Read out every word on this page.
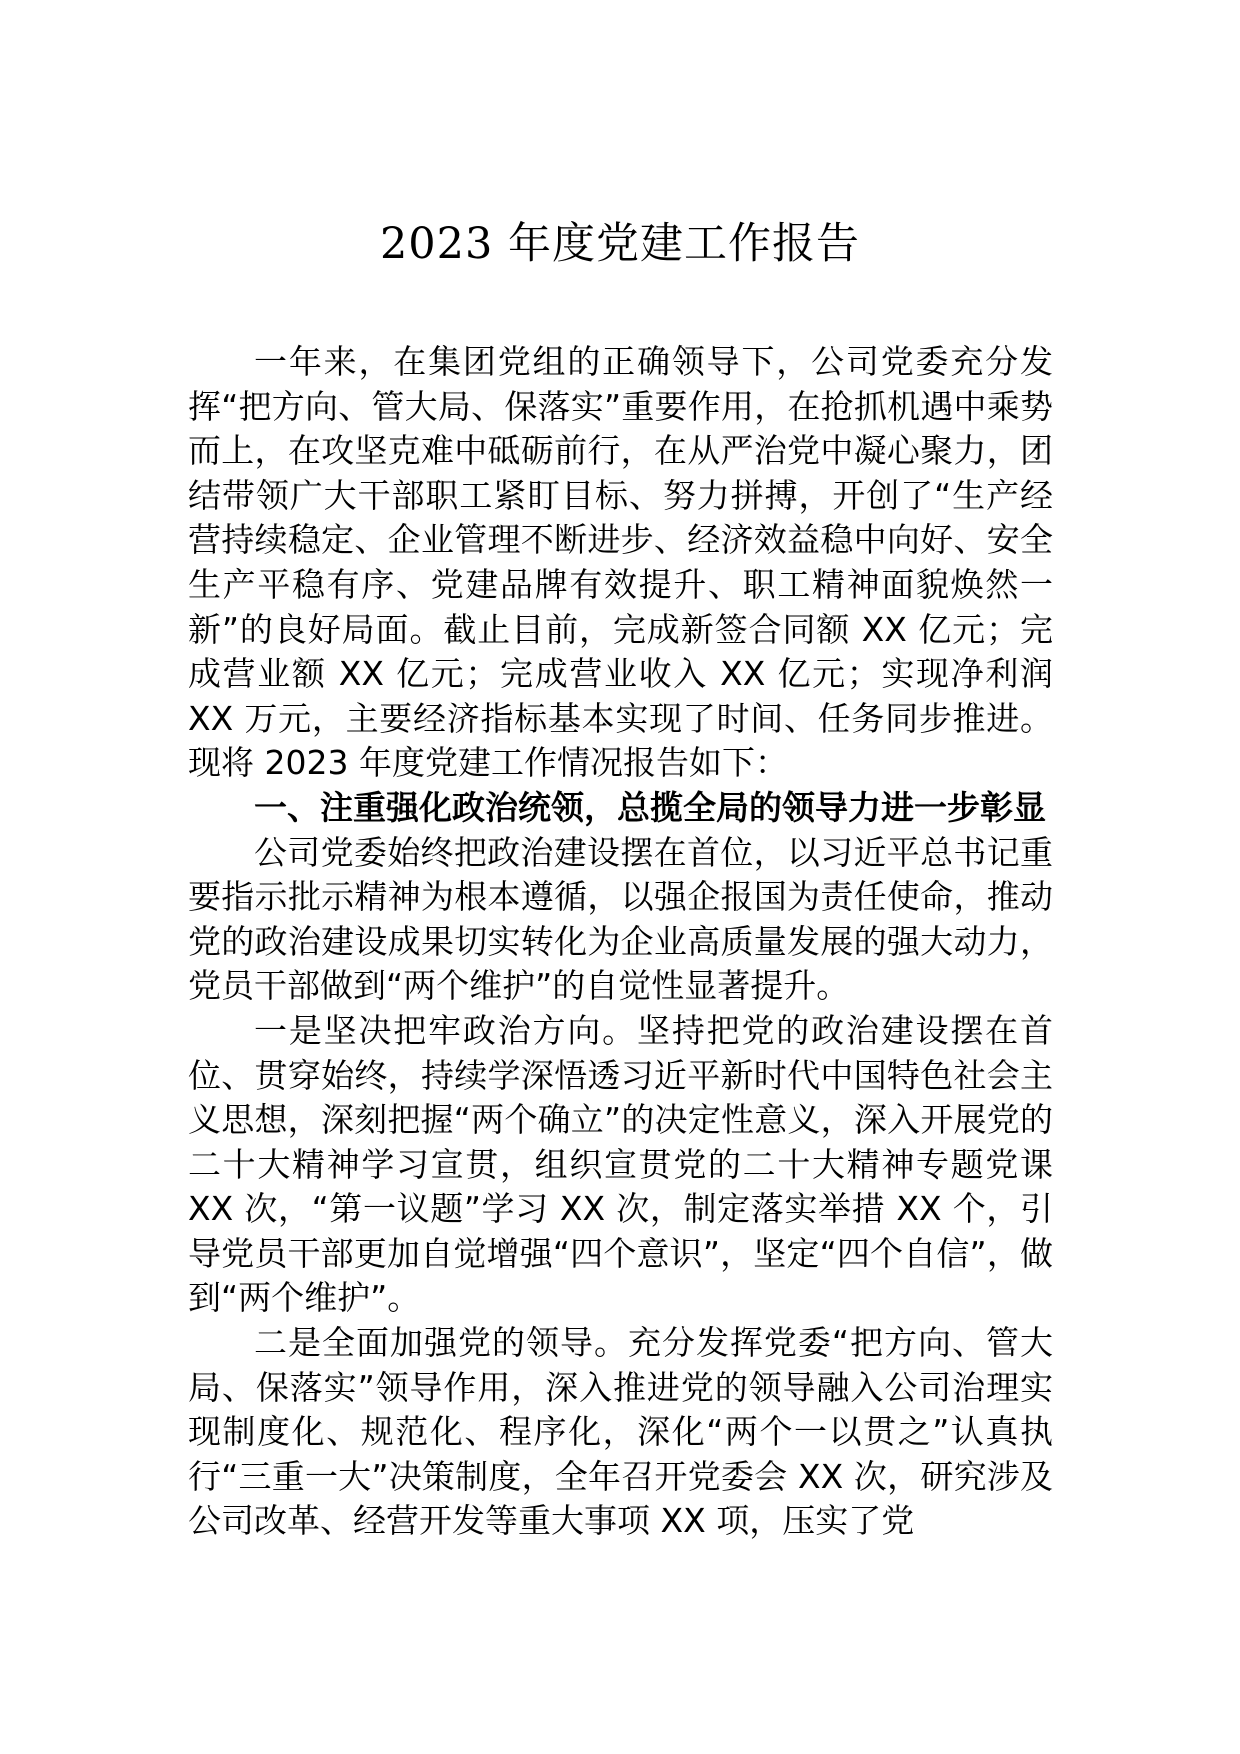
2023 年度党建工作报告

一年来，在集团党组的正确领导下，公司党委充分发挥“把方向、管大局、保落实”重要作用，在抢抓机遇中乘势而上，在攻坚克难中砥砺前行，在从严治党中凝心聚力，团结带领广大干部职工紧盯目标、努力拼搏，开创了“生产经营持续稳定、企业管理不断进步、经济效益稳中向好、安全生产平稳有序、党建品牌有效提升、职工精神面貌焕然一新”的良好局面。截止目前，完成新签合同额 XX 亿元；完成营业额 XX 亿元；完成营业收入 XX 亿元；实现净利润 XX 万元，主要经济指标基本实现了时间、任务同步推进。现将 2023 年度党建工作情况报告如下：

一、注重强化政治统领，总揽全局的领导力进一步彰显

公司党委始终把政治建设摆在首位，以习近平总书记重要指示批示精神为根本遵循，以强企报国为责任使命，推动党的政治建设成果切实转化为企业高质量发展的强大动力，党员干部做到“两个维护”的自觉性显著提升。

一是坚决把牢政治方向。坚持把党的政治建设摆在首位、贯穿始终，持续学深悟透习近平新时代中国特色社会主义思想，深刻把握“两个确立”的决定性意义，深入开展党的二十大精神学习宣贯，组织宣贯党的二十大精神专题党课 XX 次，“第一议题”学习 XX 次，制定落实举措 XX 个，引导党员干部更加自觉增强“四个意识”，坚定“四个自信”，做到“两个维护”。

二是全面加强党的领导。充分发挥党委“把方向、管大局、保落实”领导作用，深入推进党的领导融入公司治理实现制度化、规范化、程序化，深化“两个一以贯之”认真执行“三重一大”决策制度，全年召开党委会 XX 次，研究涉及公司改革、经营开发等重大事项 XX 项，压实了党
